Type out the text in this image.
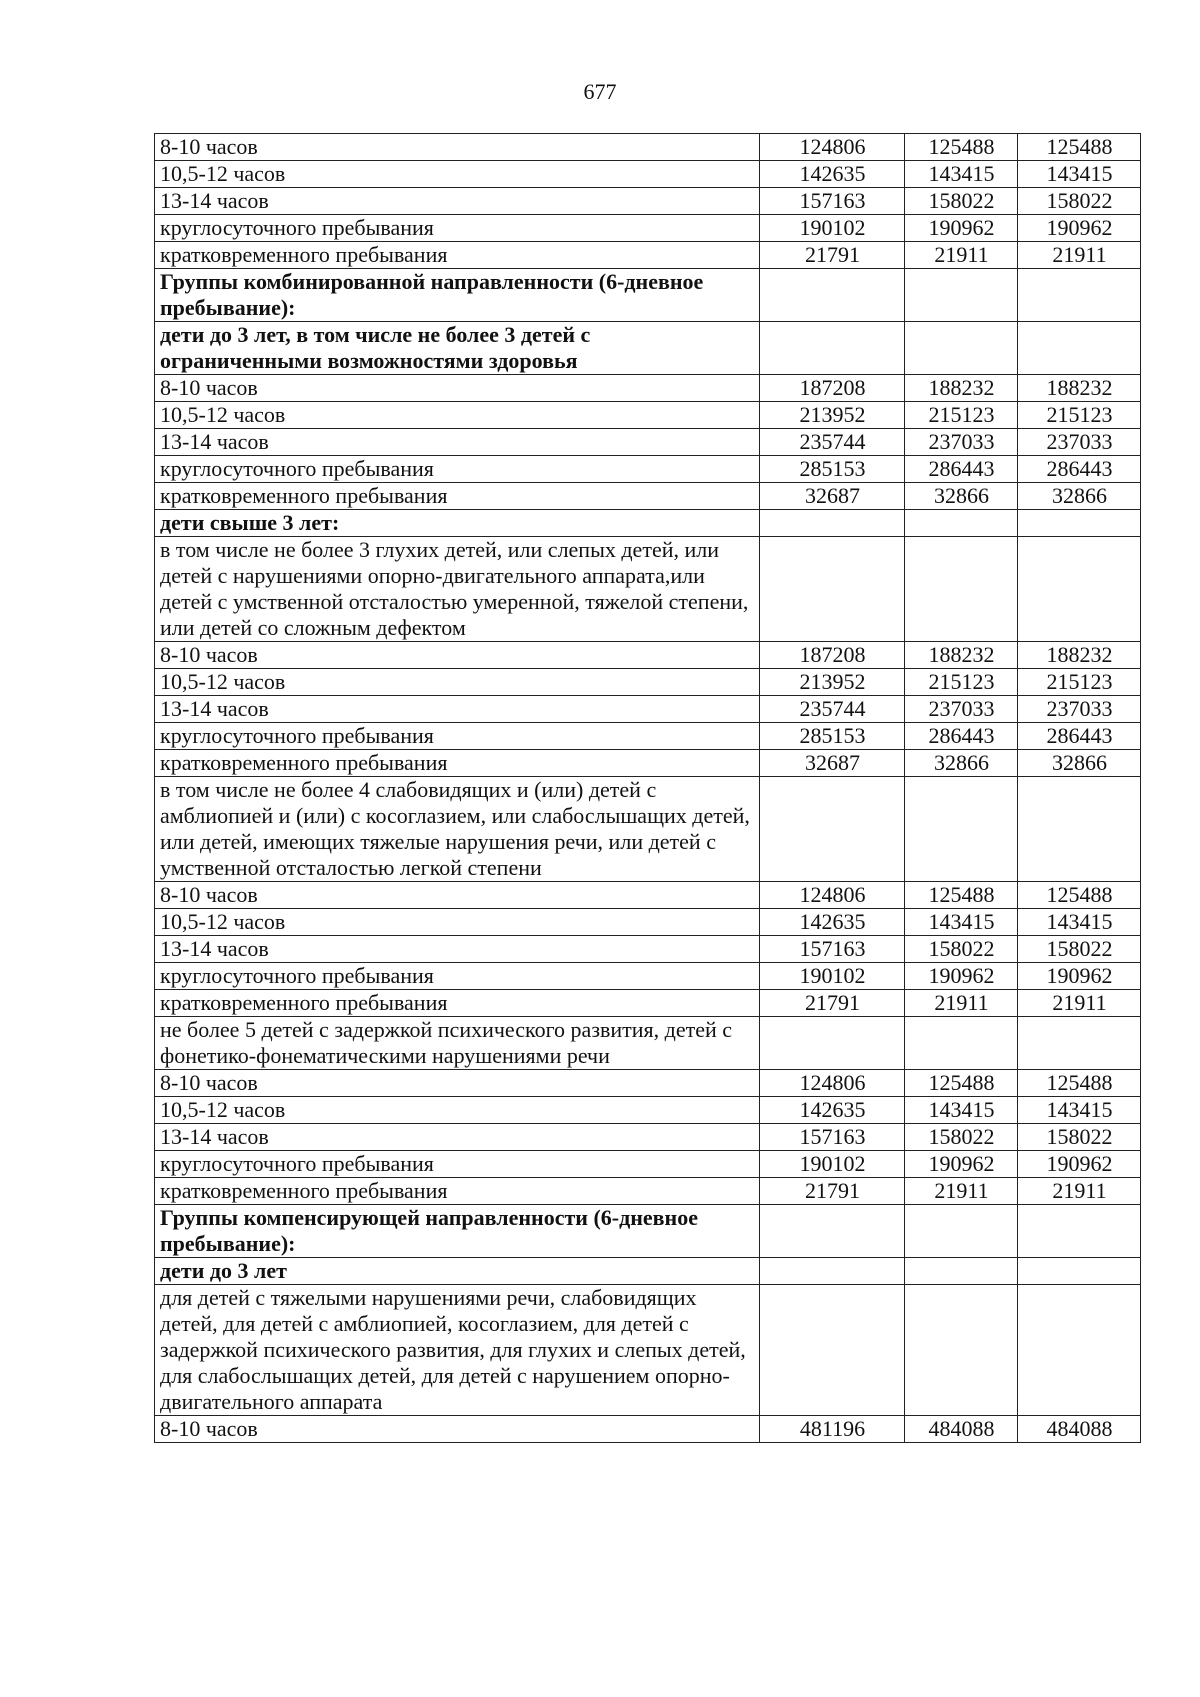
677
8-10 часов	124806	125488	125488
10,5-12 часов	142635	143415	143415
13-14 часов	157163	158022	158022
круглосуточного пребывания	190102	190962	190962
кратковременного пребывания	21791	21911	21911
Группы комбинированной направленности (6-дневное пребывание):			
дети до 3 лет, в том числе не более 3 детей с ограниченными возможностями здоровья			
8-10 часов	187208	188232	188232
10,5-12 часов	213952	215123	215123
13-14 часов	235744	237033	237033
круглосуточного пребывания	285153	286443	286443
кратковременного пребывания	32687	32866	32866
дети свыше 3 лет:			
в том числе не более 3 глухих детей, или слепых детей, или детей с нарушениями опорно-двигательного аппарата,или детей с умственной отсталостью умеренной, тяжелой степени, или детей со сложным дефектом			
8-10 часов	187208	188232	188232
10,5-12 часов	213952	215123	215123
13-14 часов	235744	237033	237033
круглосуточного пребывания	285153	286443	286443
кратковременного пребывания	32687	32866	32866
в том числе не более 4 слабовидящих и (или) детей с амблиопией и (или) с косоглазием, или слабослышащих детей, или детей, имеющих тяжелые нарушения речи, или детей с умственной отсталостью легкой степени			
8-10 часов	124806	125488	125488
10,5-12 часов	142635	143415	143415
13-14 часов	157163	158022	158022
круглосуточного пребывания	190102	190962	190962
кратковременного пребывания	21791	21911	21911
не более 5 детей с задержкой психического развития, детей с фонетико-фонематическими нарушениями речи			
8-10 часов	124806	125488	125488
10,5-12 часов	142635	143415	143415
13-14 часов	157163	158022	158022
круглосуточного пребывания	190102	190962	190962
кратковременного пребывания	21791	21911	21911
Группы компенсирующей направленности (6-дневное пребывание):			
дети до 3 лет			
для детей с тяжелыми нарушениями речи, слабовидящих детей, для детей с амблиопией, косоглазием, для детей с задержкой психического развития, для глухих и слепых детей, для слабослышащих детей, для детей с нарушением опорно-двигательного аппарата			
8-10 часов	481196	484088	484088
